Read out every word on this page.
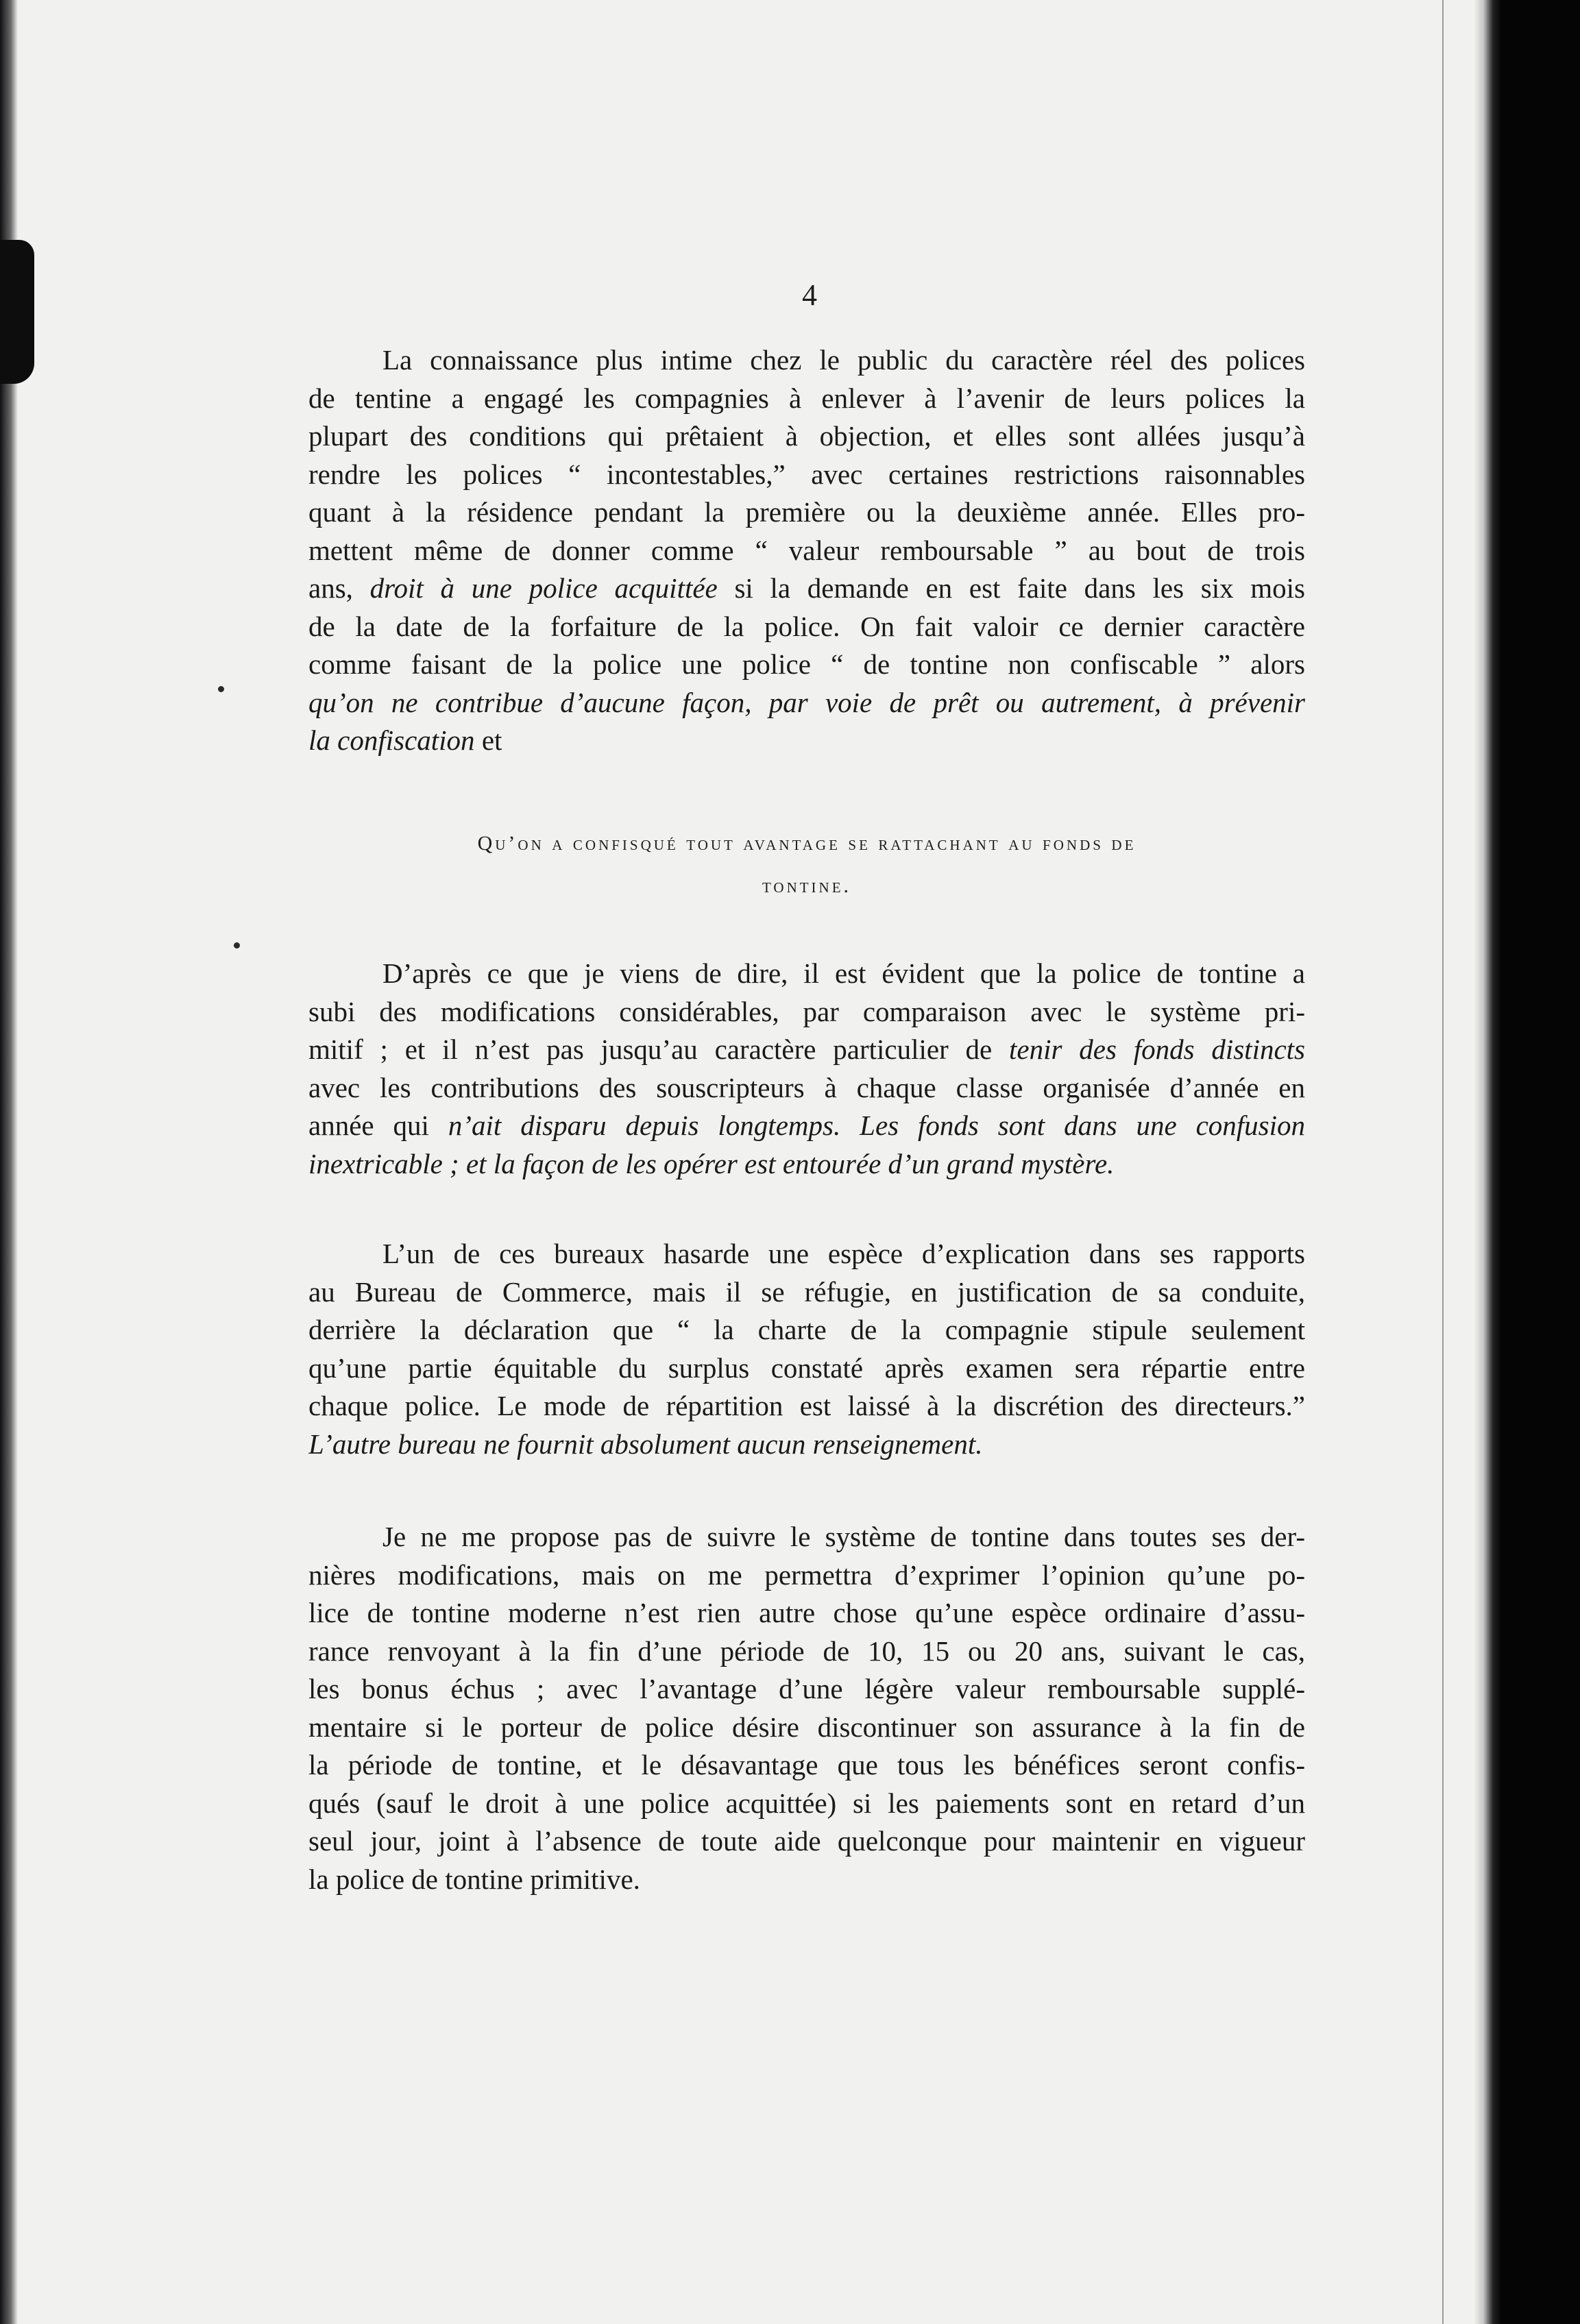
4
La connaissance plus intime chez le public du caractère réel des polices
de tentine a engagé les compagnies à enlever à l’avenir de leurs polices la
plupart des conditions qui prêtaient à objection, et elles sont allées jusqu’à
rendre les polices “ incontestables,” avec certaines restrictions raisonnables
quant à la résidence pendant la première ou la deuxième année. Elles pro-
mettent même de donner comme “ valeur remboursable ” au bout de trois
ans, droit à une police acquittée si la demande en est faite dans les six mois
de la date de la forfaiture de la police. On fait valoir ce dernier caractère
comme faisant de la police une police “ de tontine non confiscable ” alors
qu’on ne contribue d’aucune façon, par voie de prêt ou autrement, à prévenir
la confiscation et
Qu’on a confisqué tout avantage se rattachant au fonds de
tontine.
D’après ce que je viens de dire, il est évident que la police de tontine a
subi des modifications considérables, par comparaison avec le système pri-
mitif ; et il n’est pas jusqu’au caractère particulier de tenir des fonds distincts
avec les contributions des souscripteurs à chaque classe organisée d’année en
année qui n’ait disparu depuis longtemps. Les fonds sont dans une confusion
inextricable ; et la façon de les opérer est entourée d’un grand mystère.
L’un de ces bureaux hasarde une espèce d’explication dans ses rapports
au Bureau de Commerce, mais il se réfugie, en justification de sa conduite,
derrière la déclaration que “ la charte de la compagnie stipule seulement
qu’une partie équitable du surplus constaté après examen sera répartie entre
chaque police. Le mode de répartition est laissé à la discrétion des directeurs.”
L’autre bureau ne fournit absolument aucun renseignement.
Je ne me propose pas de suivre le système de tontine dans toutes ses der-
nières modifications, mais on me permettra d’exprimer l’opinion qu’une po-
lice de tontine moderne n’est rien autre chose qu’une espèce ordinaire d’assu-
rance renvoyant à la fin d’une période de 10, 15 ou 20 ans, suivant le cas,
les bonus échus ; avec l’avantage d’une légère valeur remboursable supplé-
mentaire si le porteur de police désire discontinuer son assurance à la fin de
la période de tontine, et le désavantage que tous les bénéfices seront confis-
qués (sauf le droit à une police acquittée) si les paiements sont en retard d’un
seul jour, joint à l’absence de toute aide quelconque pour maintenir en vigueur
la police de tontine primitive.
